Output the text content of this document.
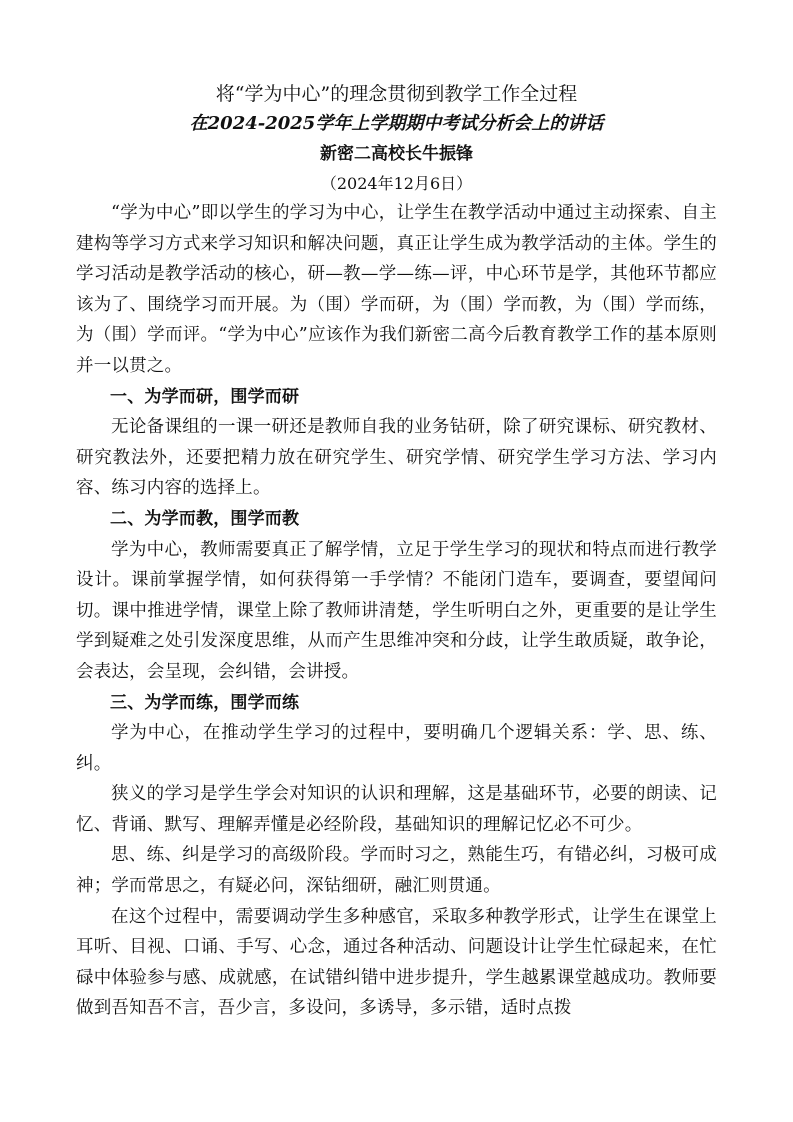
将“学为中心”的理念贯彻到教学工作全过程

在2024-2025学年上学期期中考试分析会上的讲话

新密二高校长牛振锋

（2024年12月6日）

“学为中心”即以学生的学习为中心，让学生在教学活动中通过主动探索、自主建构等学习方式来学习知识和解决问题，真正让学生成为教学活动的主体。学生的学习活动是教学活动的核心，研—教—学—练—评，中心环节是学，其他环节都应该为了、围绕学习而开展。为（围）学而研，为（围）学而教，为（围）学而练，为（围）学而评。“学为中心”应该作为我们新密二高今后教育教学工作的基本原则并一以贯之。

一、为学而研，围学而研

无论备课组的一课一研还是教师自我的业务钻研，除了研究课标、研究教材、研究教法外，还要把精力放在研究学生、研究学情、研究学生学习方法、学习内容、练习内容的选择上。

二、为学而教，围学而教

学为中心，教师需要真正了解学情，立足于学生学习的现状和特点而进行教学设计。课前掌握学情，如何获得第一手学情？不能闭门造车，要调查，要望闻问切。课中推进学情，课堂上除了教师讲清楚，学生听明白之外，更重要的是让学生学到疑难之处引发深度思维，从而产生思维冲突和分歧，让学生敢质疑，敢争论，会表达，会呈现，会纠错，会讲授。

三、为学而练，围学而练

学为中心，在推动学生学习的过程中，要明确几个逻辑关系：学、思、练、纠。

狭义的学习是学生学会对知识的认识和理解，这是基础环节，必要的朗读、记忆、背诵、默写、理解弄懂是必经阶段，基础知识的理解记忆必不可少。

思、练、纠是学习的高级阶段。学而时习之，熟能生巧，有错必纠，习极可成神；学而常思之，有疑必问，深钻细研，融汇则贯通。

在这个过程中，需要调动学生多种感官，采取多种教学形式，让学生在课堂上耳听、目视、口诵、手写、心念，通过各种活动、问题设计让学生忙碌起来，在忙碌中体验参与感、成就感，在试错纠错中进步提升，学生越累课堂越成功。教师要做到吾知吾不言，吾少言，多设问，多诱导，多示错，适时点拨
